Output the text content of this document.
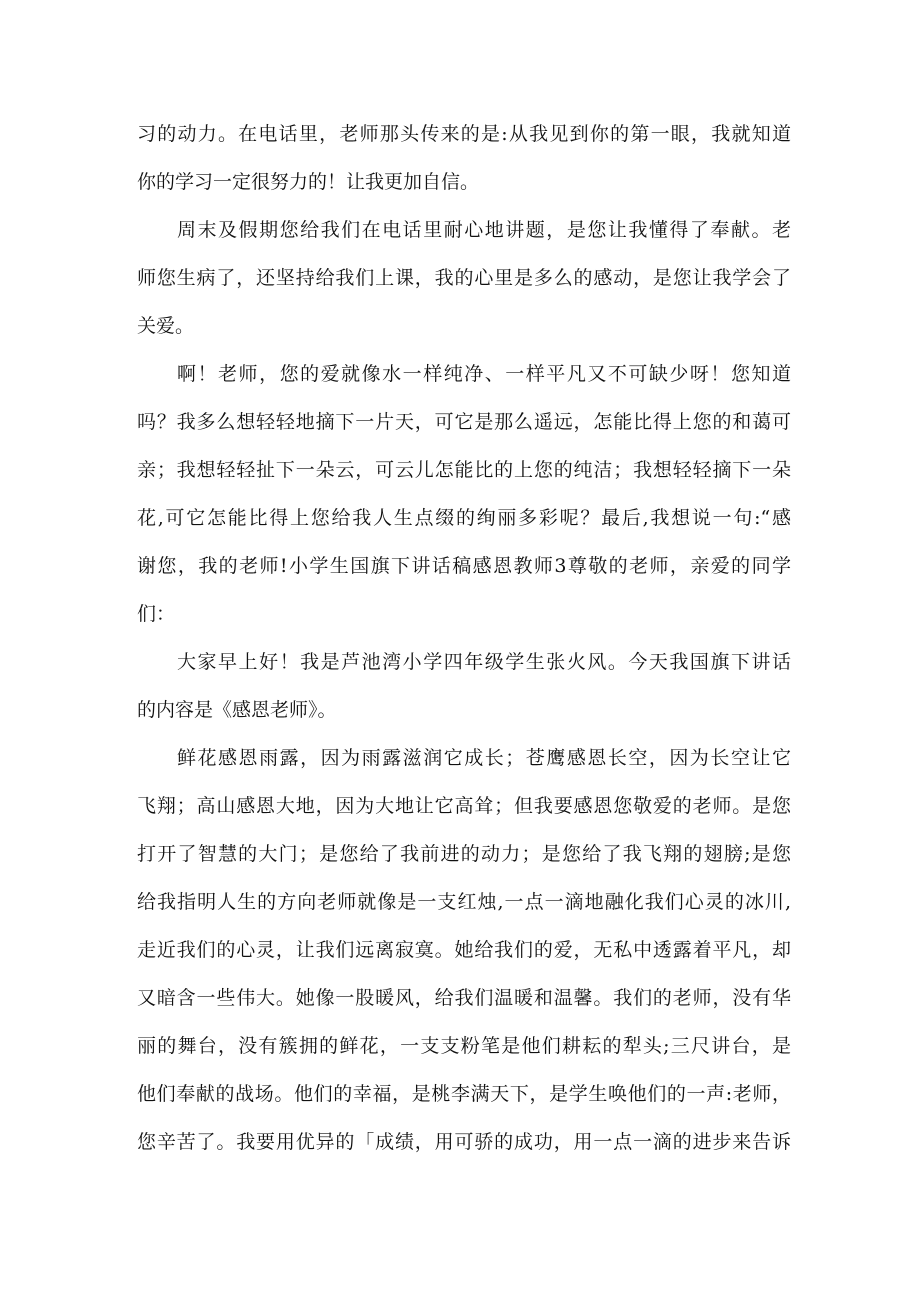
习的动力。在电话里，老师那头传来的是:从我见到你的第一眼，我就知道
你的学习一定很努力的！让我更加自信。
周末及假期您给我们在电话里耐心地讲题，是您让我懂得了奉献。老
师您生病了，还坚持给我们上课，我的心里是多么的感动，是您让我学会了
关爱。
啊！老师，您的爱就像水一样纯净、一样平凡又不可缺少呀！您知道
吗？我多么想轻轻地摘下一片天，可它是那么遥远，怎能比得上您的和蔼可
亲；我想轻轻扯下一朵云，可云儿怎能比的上您的纯洁；我想轻轻摘下一朵
花,可它怎能比得上您给我人生点缀的绚丽多彩呢？最后,我想说一句:“感
谢您，我的老师!小学生国旗下讲话稿感恩教师3尊敬的老师，亲爱的同学
们：
大家早上好！我是芦池湾小学四年级学生张火风。今天我国旗下讲话
的内容是《感恩老师》。
鲜花感恩雨露，因为雨露滋润它成长；苍鹰感恩长空，因为长空让它
飞翔；高山感恩大地，因为大地让它高耸；但我要感恩您敬爱的老师。是您
打开了智慧的大门；是您给了我前进的动力；是您给了我飞翔的翅膀;是您
给我指明人生的方向老师就像是一支红烛,一点一滴地融化我们心灵的冰川,
走近我们的心灵，让我们远离寂寞。她给我们的爱，无私中透露着平凡，却
又暗含一些伟大。她像一股暖风，给我们温暖和温馨。我们的老师，没有华
丽的舞台，没有簇拥的鲜花，一支支粉笔是他们耕耘的犁头;三尺讲台，是
他们奉献的战场。他们的幸福，是桃李满天下，是学生唤他们的一声:老师，
您辛苦了。我要用优异的「成绩，用可骄的成功，用一点一滴的进步来告诉
